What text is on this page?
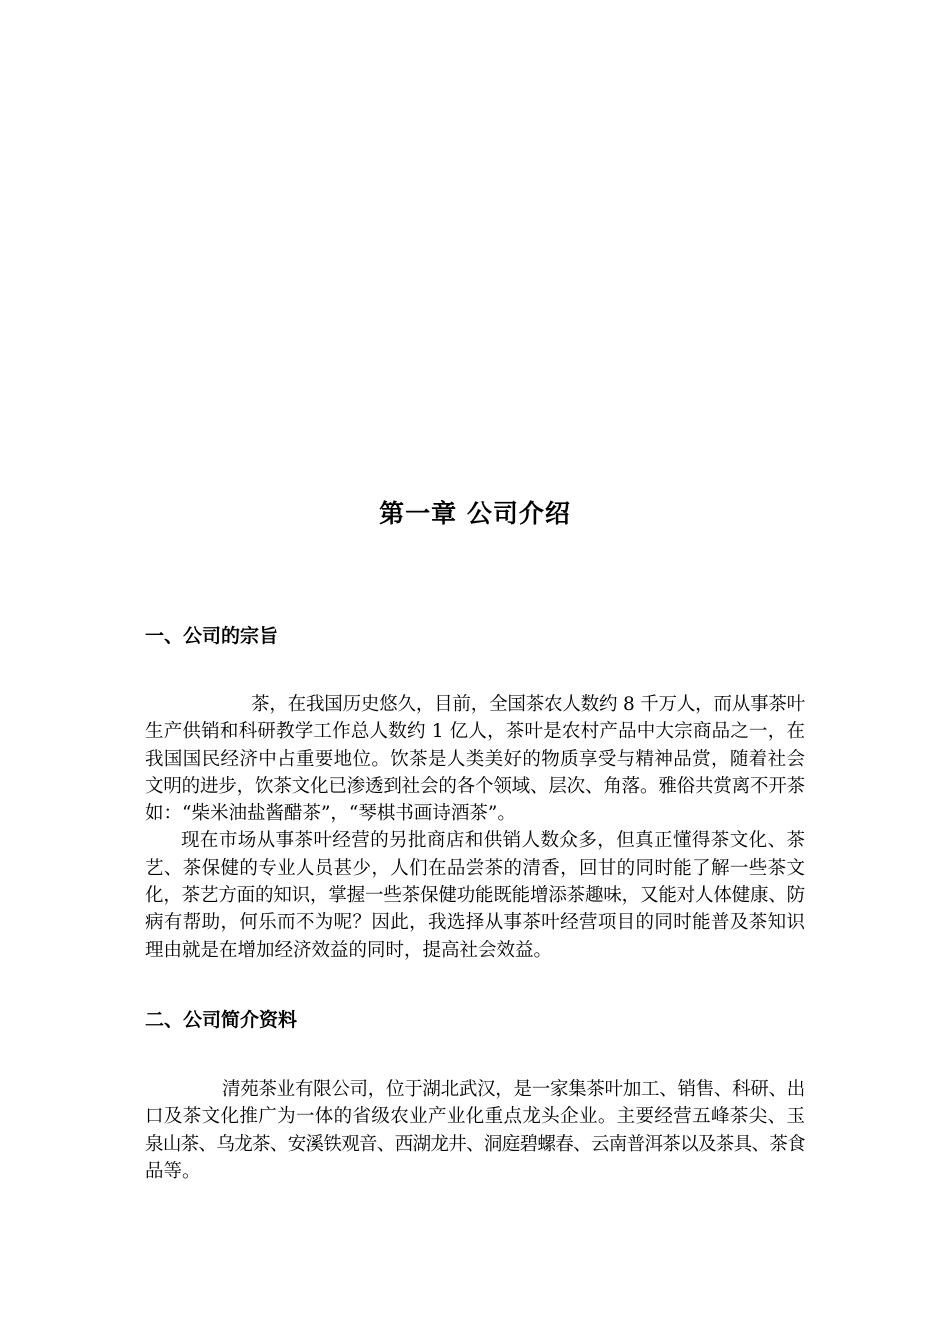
第一章 公司介绍
一、公司的宗旨
茶，在我国历史悠久，目前，全国茶农人数约 8 千万人，而从事茶叶
生产供销和科研教学工作总人数约 1 亿人，茶叶是农村产品中大宗商品之一，在
我国国民经济中占重要地位。饮茶是人类美好的物质享受与精神品赏，随着社会
文明的进步，饮茶文化已渗透到社会的各个领域、层次、角落。雅俗共赏离不开茶
如：“柴米油盐酱醋茶”，“琴棋书画诗酒茶”。
现在市场从事茶叶经营的另批商店和供销人数众多，但真正懂得茶文化、茶
艺、茶保健的专业人员甚少，人们在品尝茶的清香，回甘的同时能了解一些茶文
化，茶艺方面的知识，掌握一些茶保健功能既能增添茶趣味，又能对人体健康、防
病有帮助，何乐而不为呢？因此，我选择从事茶叶经营项目的同时能普及茶知识
理由就是在增加经济效益的同时，提高社会效益。
二、公司简介资料
清苑茶业有限公司，位于湖北武汉，是一家集茶叶加工、销售、科研、出
口及茶文化推广为一体的省级农业产业化重点龙头企业。主要经营五峰茶尖、玉
泉山茶、乌龙茶、安溪铁观音、西湖龙井、洞庭碧螺春、云南普洱茶以及茶具、茶食
品等。
